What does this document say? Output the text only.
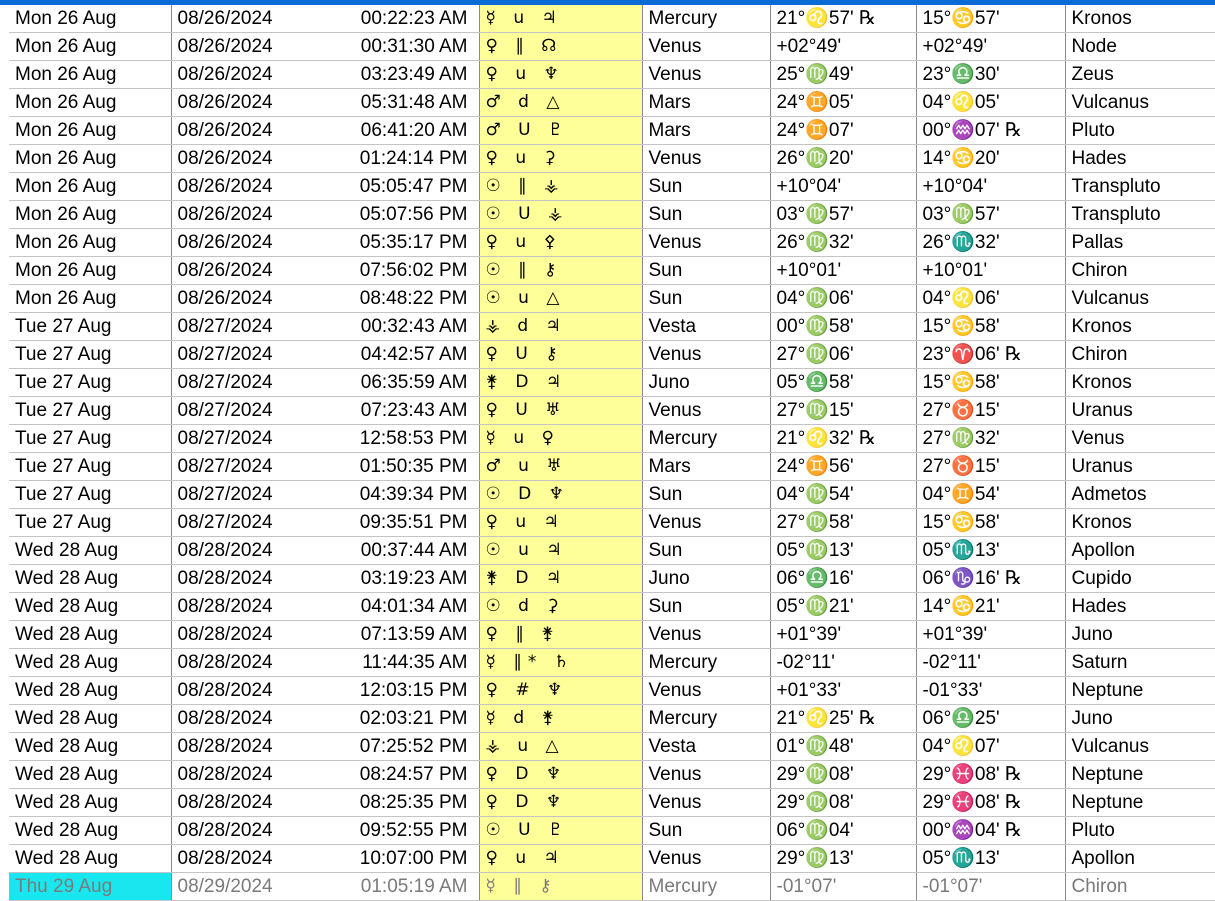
Mon 26 Aug	08/26/2024 00:22:23 AM	☿ u ♃	Mercury	21°♌57' ℞	15°♋57'	Kronos
Mon 26 Aug	08/26/2024 00:31:30 AM	♀ ∥ ☊	Venus	+02°49'	+02°49'	Node
Mon 26 Aug	08/26/2024 03:23:49 AM	♀ u ♆	Venus	25°♍49'	23°♎30'	Zeus
Mon 26 Aug	08/26/2024 05:31:48 AM	♂ d △	Mars	24°♊05'	04°♌05'	Vulcanus
Mon 26 Aug	08/26/2024 06:41:20 AM	♂ U ♇	Mars	24°♊07'	00°♒07' ℞	Pluto
Mon 26 Aug	08/26/2024 01:24:14 PM	♀ u ⚳	Venus	26°♍20'	14°♋20'	Hades
Mon 26 Aug	08/26/2024 05:05:47 PM	☉ ∥ ⚶	Sun	+10°04'	+10°04'	Transpluto
Mon 26 Aug	08/26/2024 05:07:56 PM	☉ U ⚶	Sun	03°♍57'	03°♍57'	Transpluto
Mon 26 Aug	08/26/2024 05:35:17 PM	♀ u ⚴	Venus	26°♍32'	26°♏32'	Pallas
Mon 26 Aug	08/26/2024 07:56:02 PM	☉ ∥ ⚷	Sun	+10°01'	+10°01'	Chiron
Mon 26 Aug	08/26/2024 08:48:22 PM	☉ u △	Sun	04°♍06'	04°♌06'	Vulcanus
Tue 27 Aug	08/27/2024 00:32:43 AM	⚶ d ♃	Vesta	00°♍58'	15°♋58'	Kronos
Tue 27 Aug	08/27/2024 04:42:57 AM	♀ U ⚷	Venus	27°♍06'	23°♈06' ℞	Chiron
Tue 27 Aug	08/27/2024 06:35:59 AM	⚵ D ♃	Juno	05°♎58'	15°♋58'	Kronos
Tue 27 Aug	08/27/2024 07:23:43 AM	♀ U ♅	Venus	27°♍15'	27°♉15'	Uranus
Tue 27 Aug	08/27/2024 12:58:53 PM	☿ u ♀	Mercury	21°♌32' ℞	27°♍32'	Venus
Tue 27 Aug	08/27/2024 01:50:35 PM	♂ u ♅	Mars	24°♊56'	27°♉15'	Uranus
Tue 27 Aug	08/27/2024 04:39:34 PM	☉ D ♆	Sun	04°♍54'	04°♊54'	Admetos
Tue 27 Aug	08/27/2024 09:35:51 PM	♀ u ♃	Venus	27°♍58'	15°♋58'	Kronos
Wed 28 Aug	08/28/2024 00:37:44 AM	☉ u ♃	Sun	05°♍13'	05°♏13'	Apollon
Wed 28 Aug	08/28/2024 03:19:23 AM	⚵ D ♃	Juno	06°♎16'	06°♑16' ℞	Cupido
Wed 28 Aug	08/28/2024 04:01:34 AM	☉ d ⚳	Sun	05°♍21'	14°♋21'	Hades
Wed 28 Aug	08/28/2024 07:13:59 AM	♀ ∥ ⚵	Venus	+01°39'	+01°39'	Juno
Wed 28 Aug	08/28/2024 11:44:35 AM	☿ ∥* ♄	Mercury	-02°11'	-02°11'	Saturn
Wed 28 Aug	08/28/2024 12:03:15 PM	♀ # ♆	Venus	+01°33'	-01°33'	Neptune
Wed 28 Aug	08/28/2024 02:03:21 PM	☿ d ⚵	Mercury	21°♌25' ℞	06°♎25'	Juno
Wed 28 Aug	08/28/2024 07:25:52 PM	⚶ u △	Vesta	01°♍48'	04°♌07'	Vulcanus
Wed 28 Aug	08/28/2024 08:24:57 PM	♀ D ♆	Venus	29°♍08'	29°♓08' ℞	Neptune
Wed 28 Aug	08/28/2024 08:25:35 PM	♀ D ♆	Venus	29°♍08'	29°♓08' ℞	Neptune
Wed 28 Aug	08/28/2024 09:52:55 PM	☉ U ♇	Sun	06°♍04'	00°♒04' ℞	Pluto
Wed 28 Aug	08/28/2024 10:07:00 PM	♀ u ♃	Venus	29°♍13'	05°♏13'	Apollon
Thu 29 Aug	08/29/2024 01:05:19 AM	☿ ∥ ⚷	Mercury	-01°07'	-01°07'	Chiron
